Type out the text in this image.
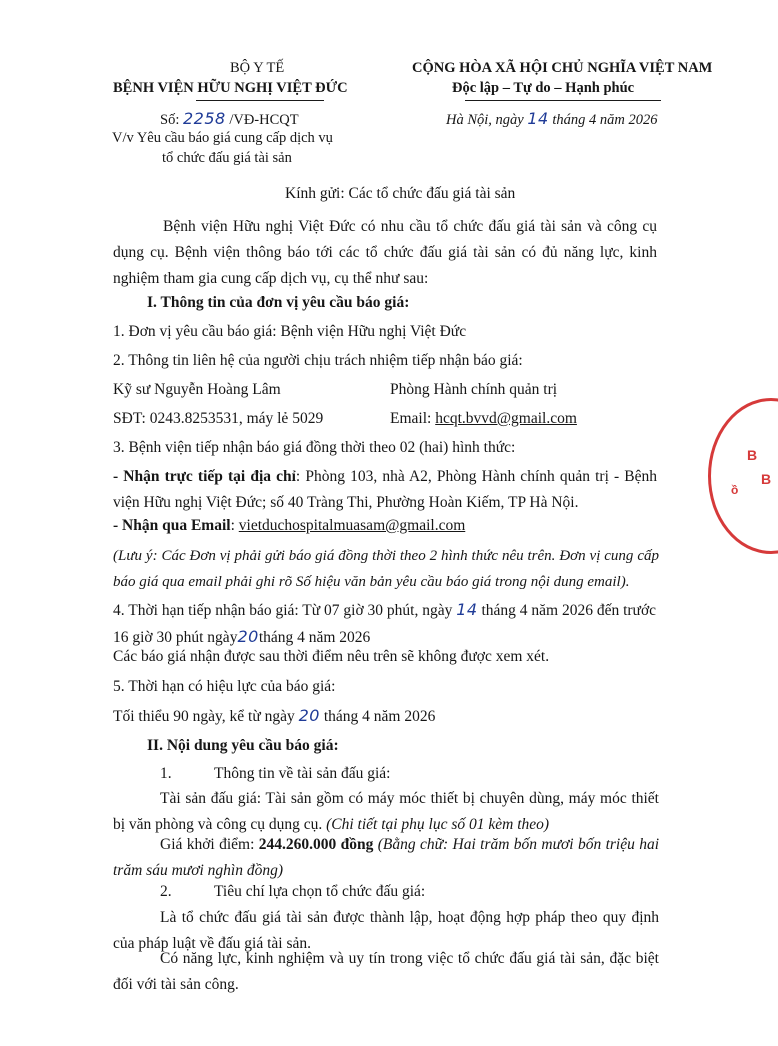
BỘ Y TẾ
BỆNH VIỆN HỮU NGHỊ VIỆT ĐỨC
Số: 2258 /VĐ-HCQT
V/v Yêu cầu báo giá cung cấp dịch vụ
tổ chức đấu giá tài sản
CỘNG HÒA XÃ HỘI CHỦ NGHĨA VIỆT NAM
Độc lập – Tự do – Hạnh phúc
Hà Nội, ngày 14 tháng 4 năm 2026
Kính gửi: Các tổ chức đấu giá tài sản
Bệnh viện Hữu nghị Việt Đức có nhu cầu tổ chức đấu giá tài sản và công cụ dụng cụ. Bệnh viện thông báo tới các tổ chức đấu giá tài sản có đủ năng lực, kinh nghiệm tham gia cung cấp dịch vụ, cụ thể như sau:
I. Thông tin của đơn vị yêu cầu báo giá:
1. Đơn vị yêu cầu báo giá: Bệnh viện Hữu nghị Việt Đức
2. Thông tin liên hệ của người chịu trách nhiệm tiếp nhận báo giá:
Kỹ sư Nguyễn Hoàng Lâm	Phòng Hành chính quản trị
SĐT: 0243.8253531, máy lẻ 5029	Email: hcqt.bvvd@gmail.com
3. Bệnh viện tiếp nhận báo giá đồng thời theo 02 (hai) hình thức:
- Nhận trực tiếp tại địa chỉ: Phòng 103, nhà A2, Phòng Hành chính quản trị - Bệnh viện Hữu nghị Việt Đức; số 40 Tràng Thi, Phường Hoàn Kiếm, TP Hà Nội.
- Nhận qua Email: vietduchospitalmuasam@gmail.com
(Lưu ý: Các Đơn vị phải gửi báo giá đồng thời theo 2 hình thức nêu trên. Đơn vị cung cấp báo giá qua email phải ghi rõ Số hiệu văn bản yêu cầu báo giá trong nội dung email).
4. Thời hạn tiếp nhận báo giá: Từ 07 giờ 30 phút, ngày 14 tháng 4 năm 2026 đến trước
16 giờ 30 phút ngày20tháng 4 năm 2026
Các báo giá nhận được sau thời điểm nêu trên sẽ không được xem xét.
5. Thời hạn có hiệu lực của báo giá:
Tối thiểu 90 ngày, kể từ ngày 20 tháng 4 năm 2026
II. Nội dung yêu cầu báo giá:
1.	Thông tin về tài sản đấu giá:
Tài sản đấu giá: Tài sản gồm có máy móc thiết bị chuyên dùng, máy móc thiết bị văn phòng và công cụ dụng cụ. (Chi tiết tại phụ lục số 01 kèm theo)
Giá khởi điểm: 244.260.000 đồng (Bằng chữ: Hai trăm bốn mươi bốn triệu hai trăm sáu mươi nghìn đồng)
2.	Tiêu chí lựa chọn tổ chức đấu giá:
Là tổ chức đấu giá tài sản được thành lập, hoạt động hợp pháp theo quy định của pháp luật về đấu giá tài sản.
Có năng lực, kinh nghiệm và uy tín trong việc tổ chức đấu giá tài sản, đặc biệt đối với tài sản công.
B
ồ
B
